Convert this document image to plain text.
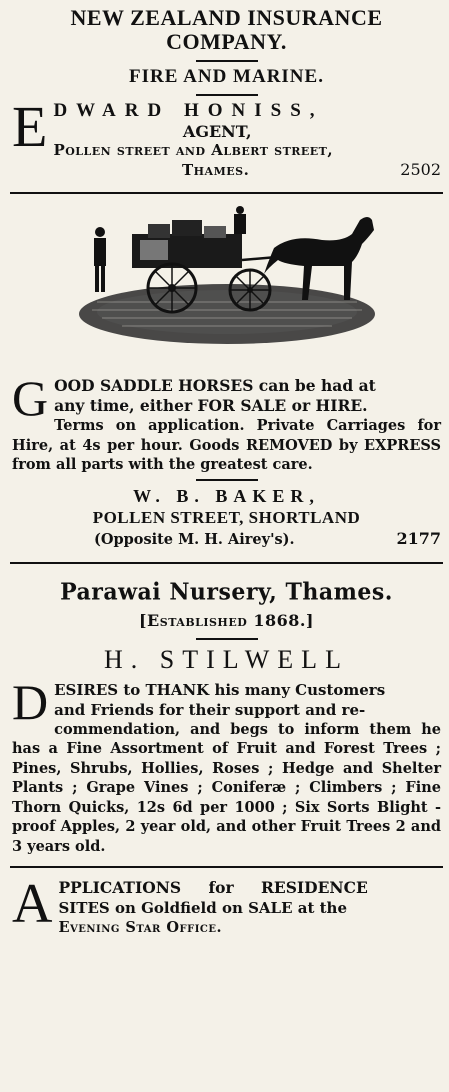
NEW ZEALAND INSURANCE
COMPANY.
FIRE AND MARINE.
E DWARD HONISS,
AGENT,
Pollen street and Albert street,
Thames.	2502
G OOD SADDLE HORSES can be had at
any time, either FOR SALE or HIRE.
Terms on application. Private Carriages for Hire, at 4s per hour. Goods REMOVED by EXPRESS from all parts with the greatest care.
W. B. BAKER,
POLLEN STREET, SHORTLAND
(Opposite M. H. Airey's).	2177
Parawai Nursery, Thames.
[Established 1868.]
H. STILWELL
D ESIRES to THANK his many Customers
and Friends for their support and re-
commendation, and begs to inform them he has a Fine Assortment of Fruit and Forest Trees ; Pines, Shrubs, Hollies, Roses ; Hedge and Shelter Plants ; Grape Vines ; Coniferæ ; Climbers ; Fine Thorn Quicks, 12s 6d per 1000 ; Six Sorts Blight - proof Apples, 2 year old, and other Fruit Trees 2 and 3 years old.
A PPLICATIONS for RESIDENCE
SITES on Goldfield on SALE at the
Evening Star Office.
